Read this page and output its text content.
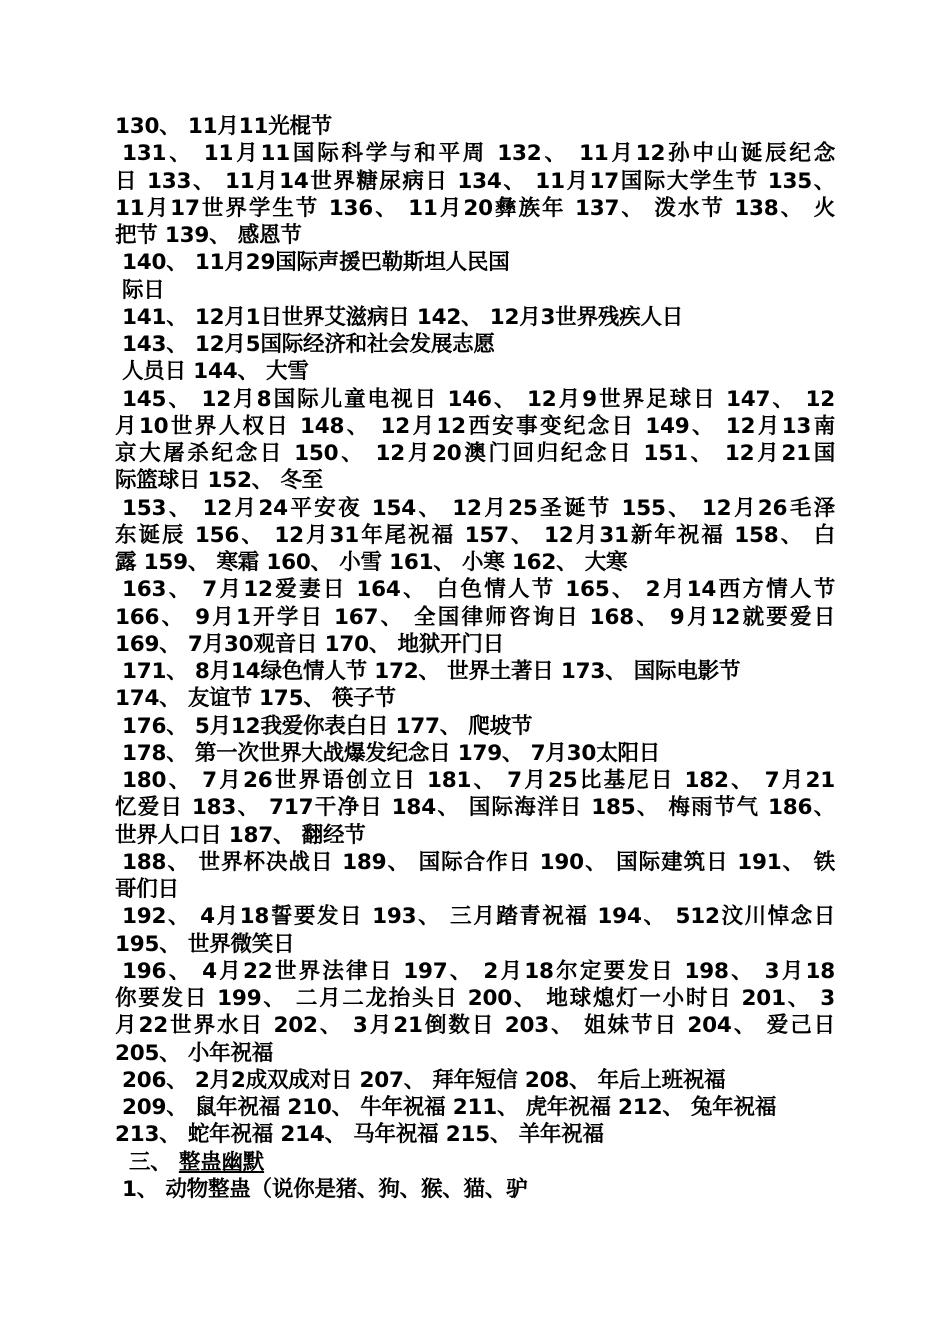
130、 11月11光棍节
131、 11月11国际科学与和平周 132、 11月12孙中山诞辰纪念
日 133、 11月14世界糖尿病日 134、 11月17国际大学生节 135、
11月17世界学生节 136、 11月20彝族年 137、 泼水节 138、 火
把节 139、 感恩节
140、 11月29国际声援巴勒斯坦人民国
际日
141、 12月1日世界艾滋病日 142、 12月3世界残疾人日
143、 12月5国际经济和社会发展志愿
人员日 144、 大雪
145、 12月8国际儿童电视日 146、 12月9世界足球日 147、 12
月10世界人权日 148、 12月12西安事变纪念日 149、 12月13南
京大屠杀纪念日 150、 12月20澳门回归纪念日 151、 12月21国
际篮球日 152、 冬至
153、 12月24平安夜 154、 12月25圣诞节 155、 12月26毛泽
东诞辰 156、 12月31年尾祝福 157、 12月31新年祝福 158、 白
露 159、 寒霜 160、 小雪 161、 小寒 162、 大寒
163、 7月12爱妻日 164、 白色情人节 165、 2月14西方情人节
166、 9月1开学日 167、 全国律师咨询日 168、 9月12就要爱日
169、 7月30观音日 170、 地狱开门日
171、 8月14绿色情人节 172、 世界土著日 173、 国际电影节
174、 友谊节 175、 筷子节
176、 5月12我爱你表白日 177、 爬坡节
178、 第一次世界大战爆发纪念日 179、 7月30太阳日
180、 7月26世界语创立日 181、 7月25比基尼日 182、 7月21
忆爱日 183、 717干净日 184、 国际海洋日 185、 梅雨节气 186、
世界人口日 187、 翻经节
188、 世界杯决战日 189、 国际合作日 190、 国际建筑日 191、 铁
哥们日
192、 4月18誓要发日 193、 三月踏青祝福 194、 512汶川悼念日
195、 世界微笑日
196、 4月22世界法律日 197、 2月18尔定要发日 198、 3月18
你要发日 199、 二月二龙抬头日 200、 地球熄灯一小时日 201、 3
月22世界水日 202、 3月21倒数日 203、 姐妹节日 204、 爱己日
205、 小年祝福
206、 2月2成双成对日 207、 拜年短信 208、 年后上班祝福
209、 鼠年祝福 210、 牛年祝福 211、 虎年祝福 212、 兔年祝福
213、 蛇年祝福 214、 马年祝福 215、 羊年祝福
三、 整蛊幽默
1、 动物整蛊（说你是猪、狗、猴、猫、驴
